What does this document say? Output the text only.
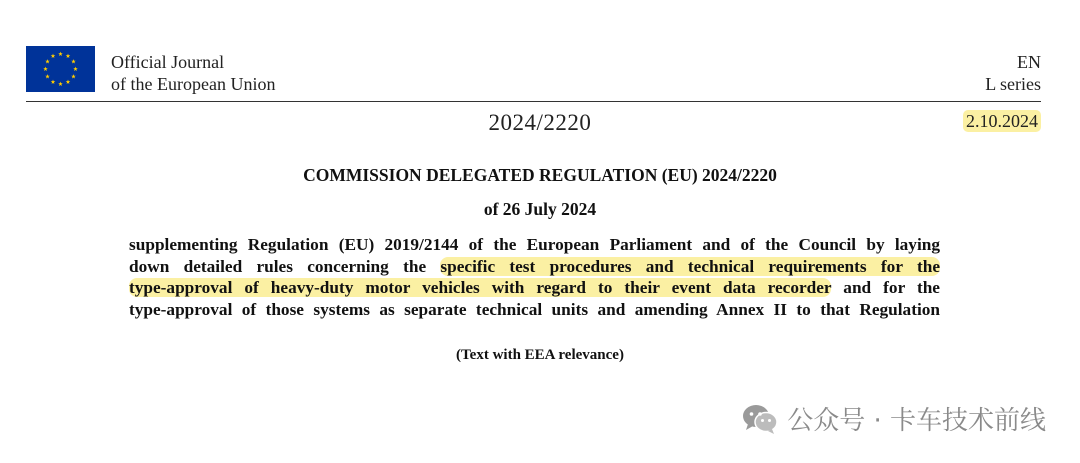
Official Journal
of the European Union
EN
L series
2024/2220	2.10.2024
COMMISSION DELEGATED REGULATION (EU) 2024/2220
of 26 July 2024
supplementing Regulation (EU) 2019/2144 of the European Parliament and of the Council by laying
down detailed rules concerning the specific test procedures and technical requirements for the
type-approval of heavy-duty motor vehicles with regard to their event data recorder and for the
type-approval of those systems as separate technical units and amending Annex II to that Regulation
(Text with EEA relevance)
公众号 · 卡车技术前线
